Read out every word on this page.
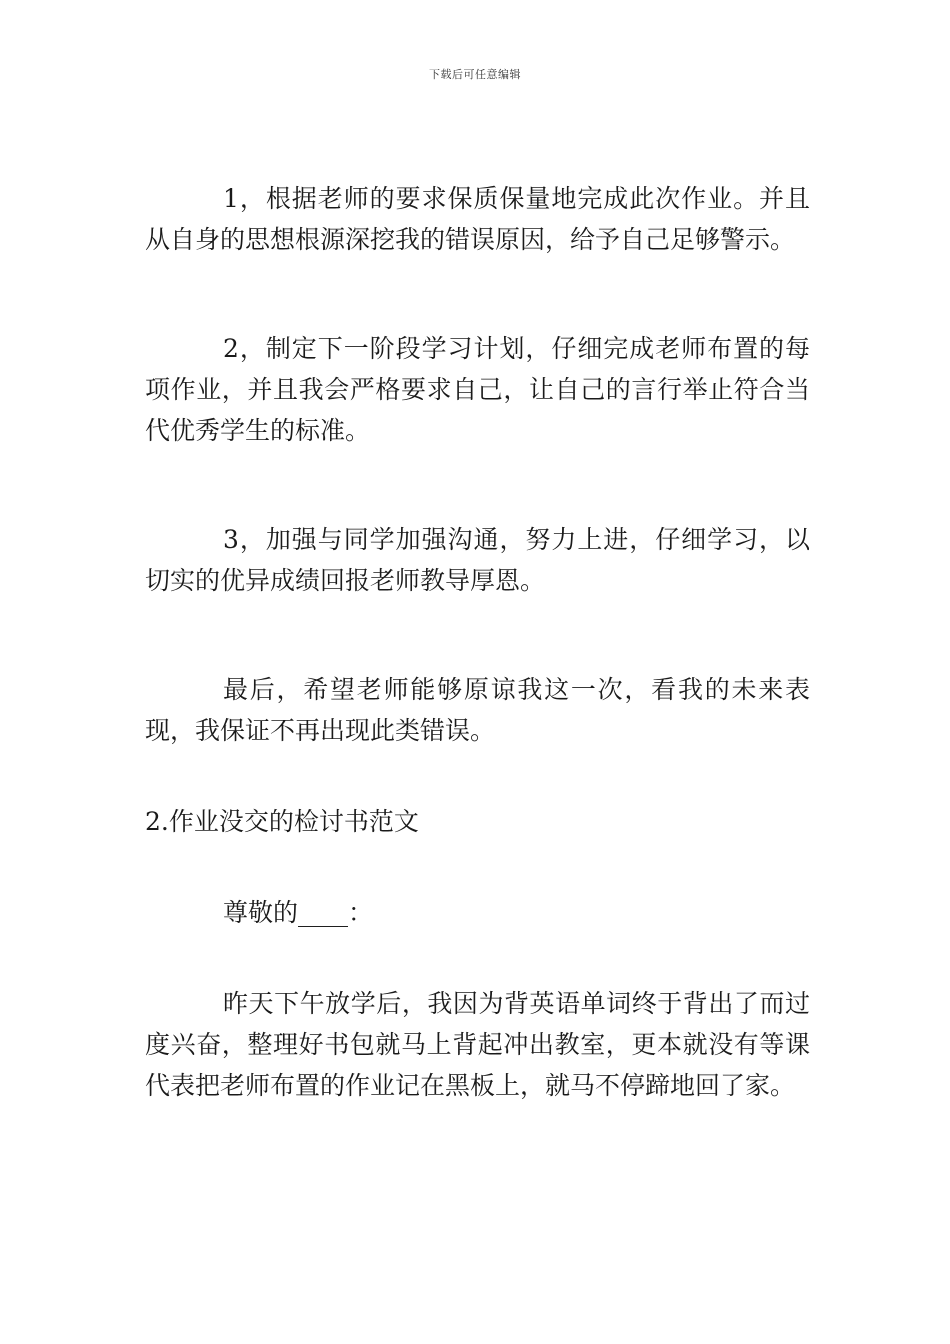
下载后可任意编辑

1，根据老师的要求保质保量地完成此次作业。并且从自身的思想根源深挖我的错误原因，给予自己足够警示。

2，制定下一阶段学习计划，仔细完成老师布置的每项作业，并且我会严格要求自己，让自己的言行举止符合当代优秀学生的标准。

3，加强与同学加强沟通，努力上进，仔细学习，以切实的优异成绩回报老师教导厚恩。

最后，希望老师能够原谅我这一次，看我的未来表现，我保证不再出现此类错误。

2.作业没交的检讨书范文

尊敬的____：

昨天下午放学后，我因为背英语单词终于背出了而过度兴奋，整理好书包就马上背起冲出教室，更本就没有等课代表把老师布置的作业记在黑板上，就马不停蹄地回了家。
